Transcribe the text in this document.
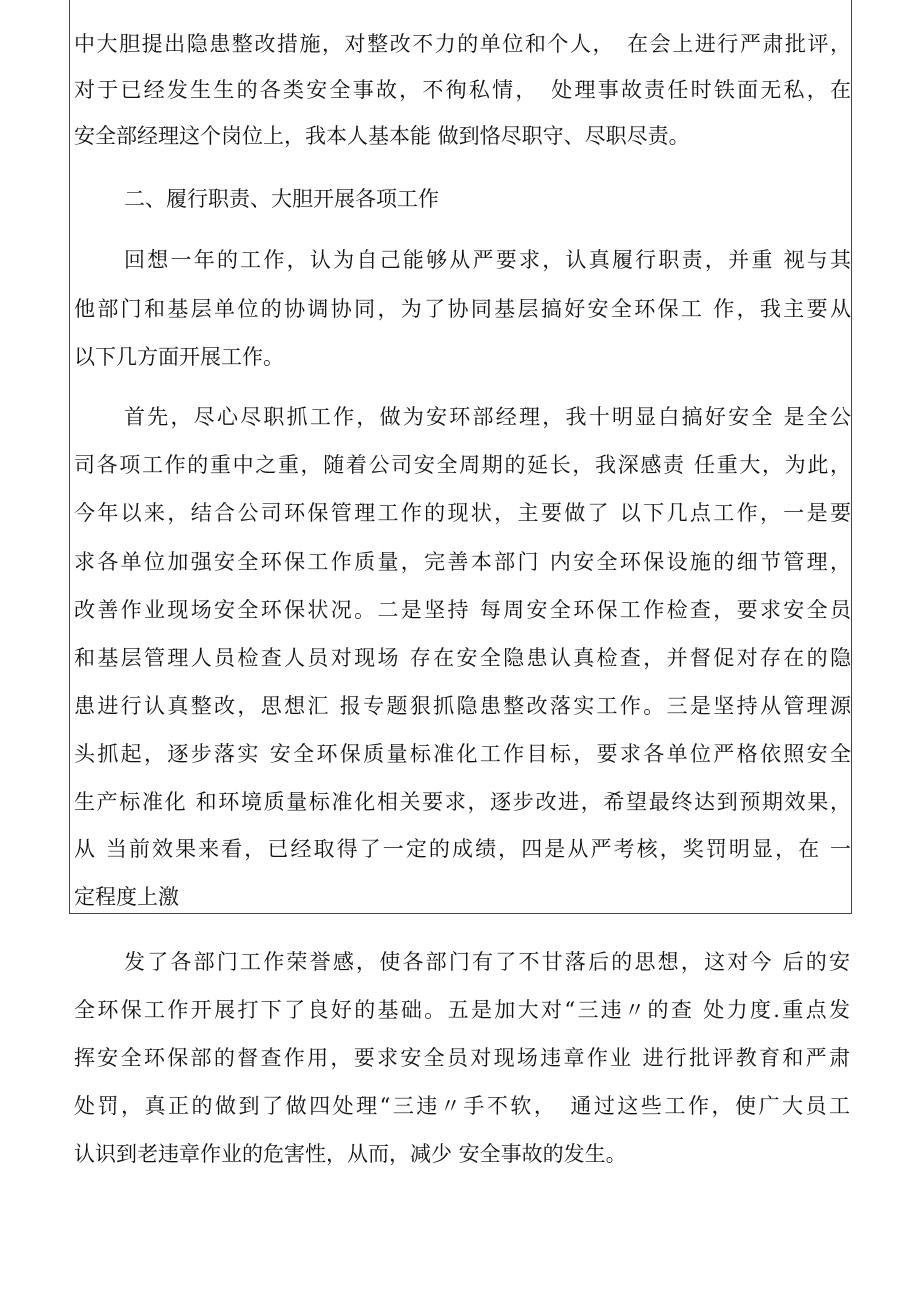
中大胆提出隐患整改措施，对整改不力的单位和个人，　在会上进行严肃批评，
对于已经发生生的各类安全事故，不徇私情，　处理事故责任时铁面无私，在
安全部经理这个岗位上，我本人基本能 做到恪尽职守、尽职尽责。
二、履行职责、大胆开展各项工作
回想一年的工作，认为自己能够从严要求，认真履行职责，并重 视与其
他部门和基层单位的协调协同，为了协同基层搞好安全环保工 作，我主要从
以下几方面开展工作。
首先，尽心尽职抓工作，做为安环部经理，我十明显白搞好安全 是全公
司各项工作的重中之重，随着公司安全周期的延长，我深感责 任重大，为此，
今年以来，结合公司环保管理工作的现状，主要做了 以下几点工作，一是要
求各单位加强安全环保工作质量，完善本部门 内安全环保设施的细节管理，
改善作业现场安全环保状况。二是坚持 每周安全环保工作检查，要求安全员
和基层管理人员检查人员对现场 存在安全隐患认真检查，并督促对存在的隐
患进行认真整改，思想汇 报专题狠抓隐患整改落实工作。三是坚持从管理源
头抓起，逐步落实 安全环保质量标准化工作目标，要求各单位严格依照安全
生产标准化 和环境质量标准化相关要求，逐步改进，希望最终达到预期效果，
从 当前效果来看，已经取得了一定的成绩，四是从严考核，奖罚明显，在 一
定程度上激
发了各部门工作荣誉感，使各部门有了不甘落后的思想，这对今 后的安
全环保工作开展打下了良好的基础。五是加大对“三违〃的查 处力度.重点发
挥安全环保部的督查作用，要求安全员对现场违章作业 进行批评教育和严肃
处罚，真正的做到了做四处理“三违〃手不软，　通过这些工作，使广大员工
认识到老违章作业的危害性，从而，减少 安全事故的发生。
